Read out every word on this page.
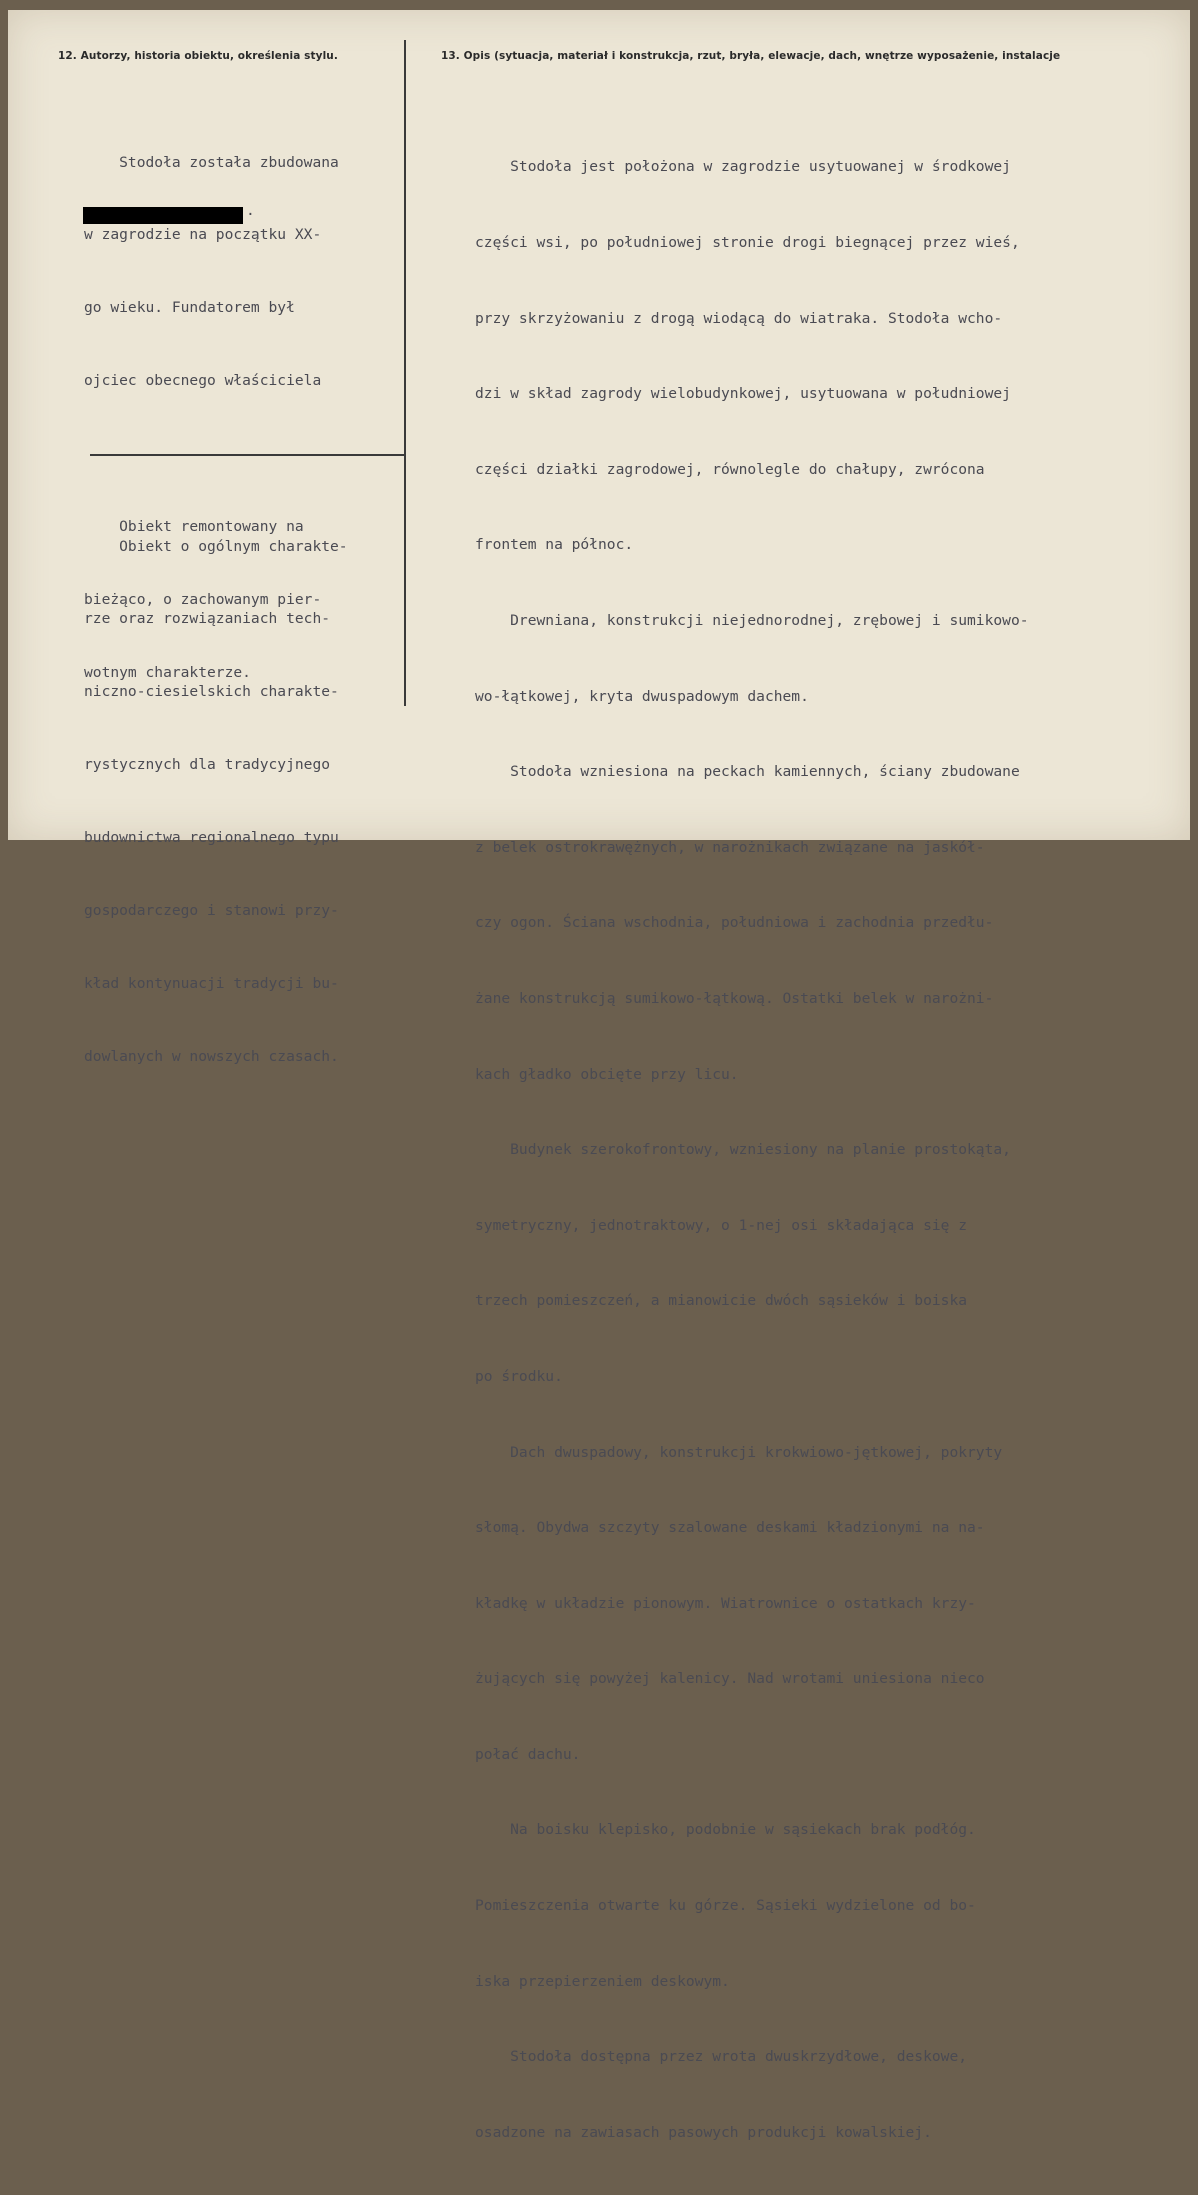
12. Autorzy, historia obiektu, określenia stylu.	13. Opis (sytuacja, materiał i konstrukcja, rzut, bryła, elewacje, dach, wnętrze wyposażenie, instalacje

Stodoła została zbudowana

w zagrodzie na początku XX-

go wieku. Fundatorem był

ojciec obecnego właściciela

Obiekt remontowany na

bieżąco, o zachowanym pier-

wotnym charakterze.

.

Obiekt o ogólnym charakte-

rze oraz rozwiązaniach tech-

niczno-ciesielskich charakte-

rystycznych dla tradycyjnego

budownictwa regionalnego typu

gospodarczego i stanowi przy-

kład kontynuacji tradycji bu-

dowlanych w nowszych czasach.

Stodoła jest położona w zagrodzie usytuowanej w środkowej

części wsi, po południowej stronie drogi biegnącej przez wieś,

przy skrzyżowaniu z drogą wiodącą do wiatraka. Stodoła wcho-

dzi w skład zagrody wielobudynkowej, usytuowana w południowej

części działki zagrodowej, równolegle do chałupy, zwrócona

frontem na północ.

Drewniana, konstrukcji niejednorodnej, zrębowej i sumikowo-

wo-łątkowej, kryta dwuspadowym dachem.

Stodoła wzniesiona na peckach kamiennych, ściany zbudowane

z belek ostrokrawężnych, w narożnikach związane na jaskół-

czy ogon. Ściana wschodnia, południowa i zachodnia przedłu-

żane konstrukcją sumikowo-łątkową. Ostatki belek w narożni-

kach gładko obcięte przy licu.

Budynek szerokofrontowy, wzniesiony na planie prostokąta,

symetryczny, jednotraktowy, o 1-nej osi składająca się z

trzech pomieszczeń, a mianowicie dwóch sąsieków i boiska

po środku.

Dach dwuspadowy, konstrukcji krokwiowo-jętkowej, pokryty

słomą. Obydwa szczyty szalowane deskami kładzionymi na na-

kładkę w układzie pionowym. Wiatrownice o ostatkach krzy-

żujących się powyżej kalenicy. Nad wrotami uniesiona nieco

połać dachu.

Na boisku klepisko, podobnie w sąsiekach brak podłóg.

Pomieszczenia otwarte ku górze. Sąsieki wydzielone od bo-

iska przepierzeniem deskowym.

Stodoła dostępna przez wrota dwuskrzydłowe, deskowe,

osadzone na zawiasach pasowych produkcji kowalskiej.
